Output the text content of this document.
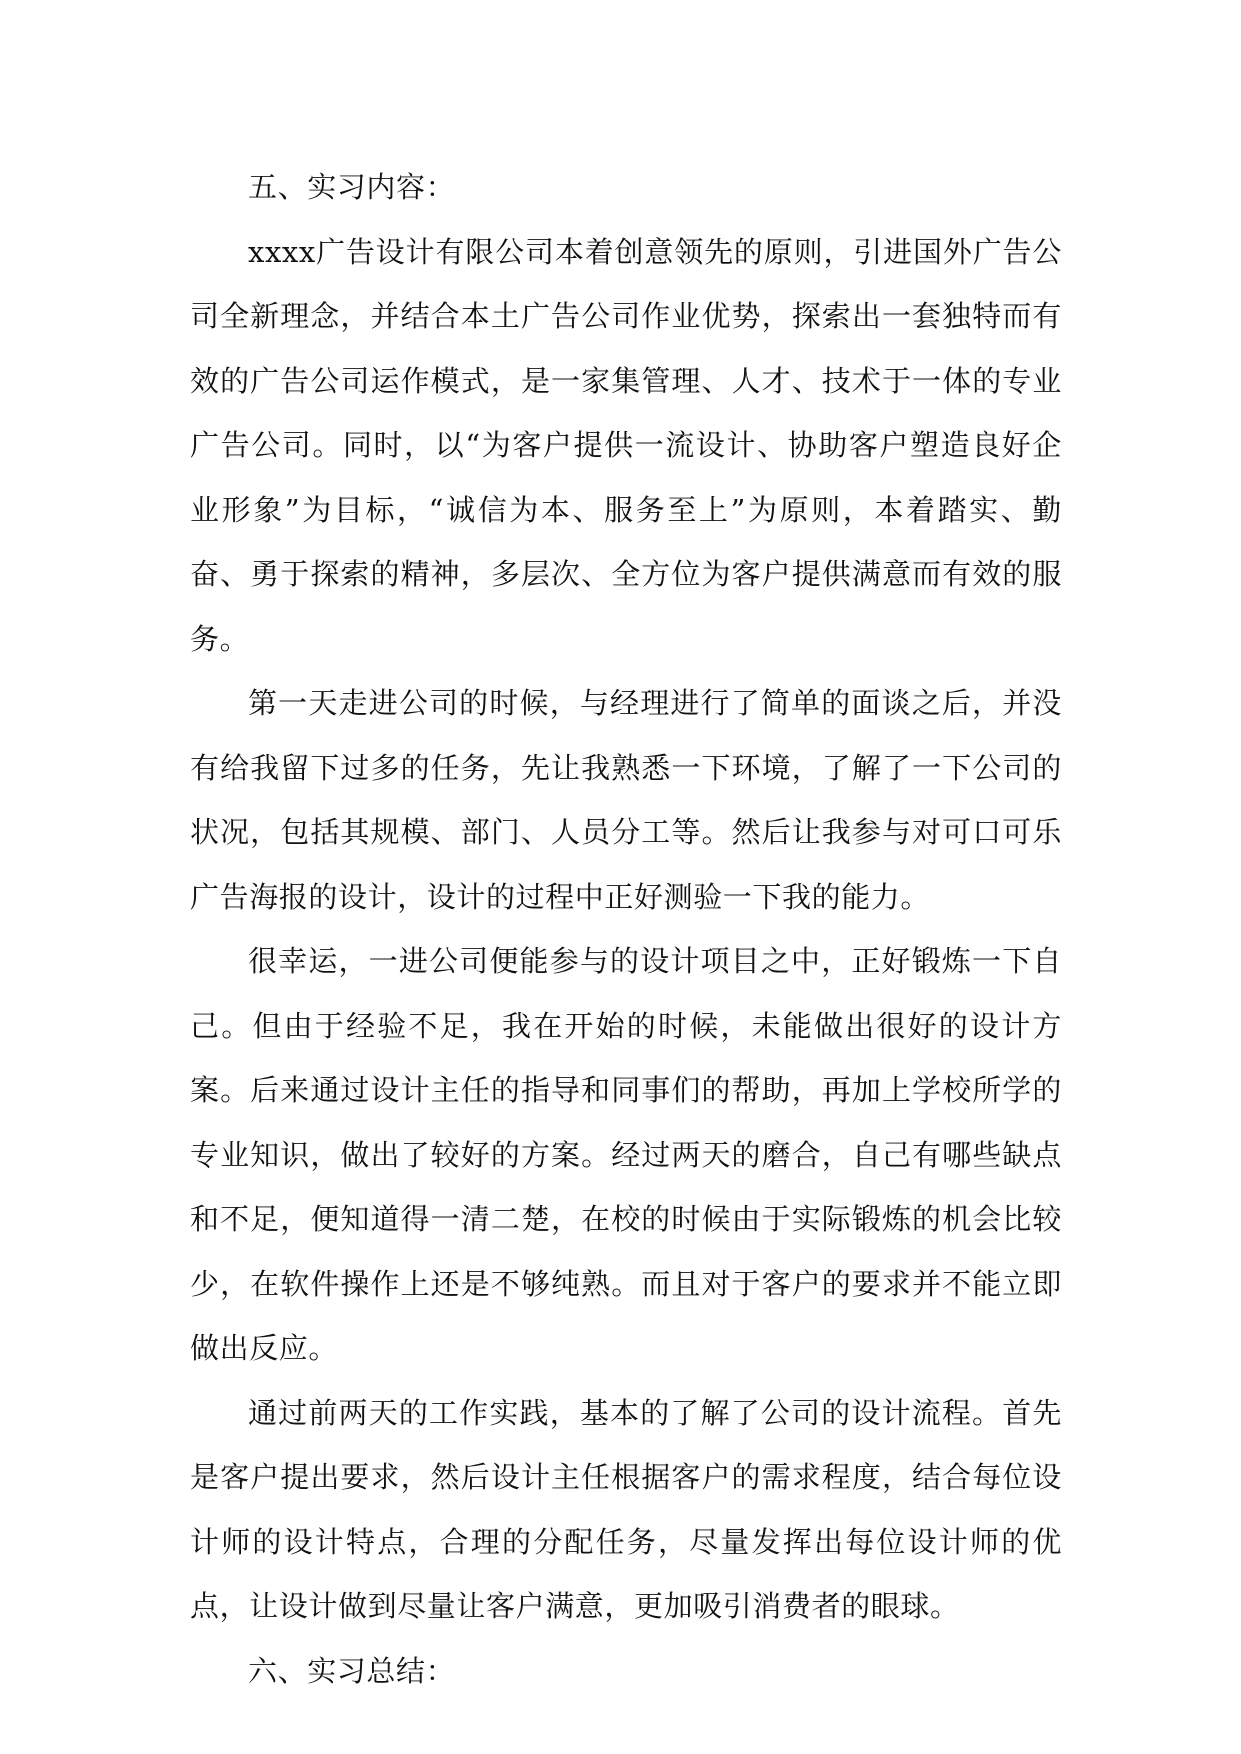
五、实习内容：

xxxx广告设计有限公司本着创意领先的原则，引进国外广告公司全新理念，并结合本土广告公司作业优势，探索出一套独特而有效的广告公司运作模式，是一家集管理、人才、技术于一体的专业广告公司。同时，以“为客户提供一流设计、协助客户塑造良好企业形象”为目标，“诚信为本、服务至上”为原则，本着踏实、勤奋、勇于探索的精神，多层次、全方位为客户提供满意而有效的服务。

第一天走进公司的时候，与经理进行了简单的面谈之后，并没有给我留下过多的任务，先让我熟悉一下环境，了解了一下公司的状况，包括其规模、部门、人员分工等。然后让我参与对可口可乐广告海报的设计，设计的过程中正好测验一下我的能力。

很幸运，一进公司便能参与的设计项目之中，正好锻炼一下自己。但由于经验不足，我在开始的时候，未能做出很好的设计方案。后来通过设计主任的指导和同事们的帮助，再加上学校所学的专业知识，做出了较好的方案。经过两天的磨合，自己有哪些缺点和不足，便知道得一清二楚，在校的时候由于实际锻炼的机会比较少，在软件操作上还是不够纯熟。而且对于客户的要求并不能立即做出反应。

通过前两天的工作实践，基本的了解了公司的设计流程。首先是客户提出要求，然后设计主任根据客户的需求程度，结合每位设计师的设计特点，合理的分配任务，尽量发挥出每位设计师的优点，让设计做到尽量让客户满意，更加吸引消费者的眼球。

六、实习总结：
